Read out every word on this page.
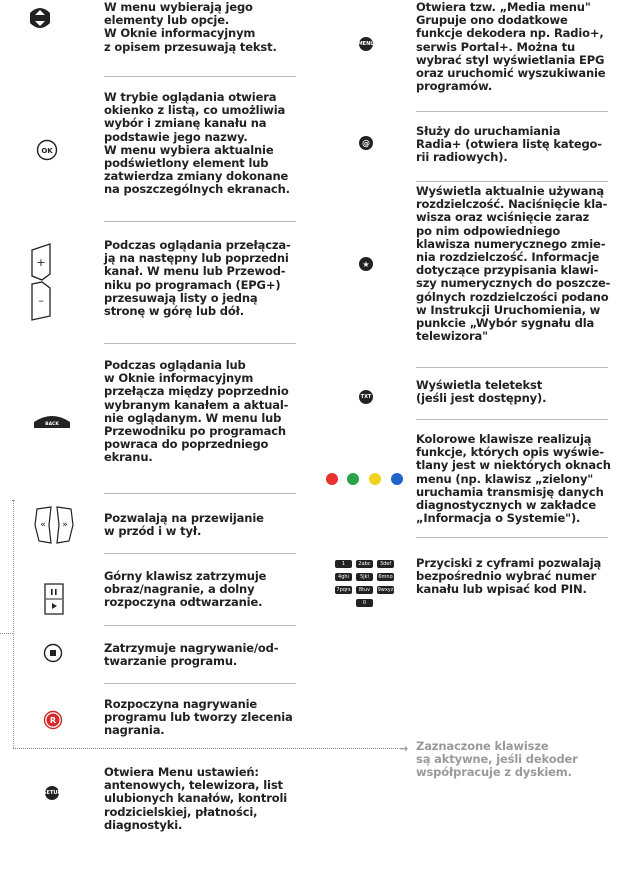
W menu wybierają jego
elementy lub opcje.
W Oknie informacyjnym
z opisem przesuwają tekst.
OK
W trybie oglądania otwiera
okienko z listą, co umożliwia
wybór i zmianę kanału na
podstawie jego nazwy.
W menu wybiera aktualnie
podświetlony element lub
zatwierdza zmiany dokonane
na poszczególnych ekranach.
+
–
Podczas oglądania przełącza-
ją na następny lub poprzedni
kanał. W menu lub Przewod-
niku po programach (EPG+)
przesuwają listy o jedną
stronę w górę lub dół.
BACK
Podczas oglądania lub
w Oknie informacyjnym
przełącza między poprzednio
wybranym kanałem a aktual-
nie oglądanym. W menu lub
Przewodniku po programach
powraca do poprzedniego
ekranu.
« »	Pozwalają na przewijanie
w przód i w tył.
Górny klawisz zatrzymuje
obraz/nagranie, a dolny
rozpoczyna odtwarzanie.
Zatrzymuje nagrywanie/od-
twarzanie programu.
R
Rozpoczyna nagrywanie
programu lub tworzy zlecenia
nagrania.
SETUP
Otwiera Menu ustawień:
antenowych, telewizora, list
ulubionych kanałów, kontroli
rodzicielskiej, płatności,
diagnostyki.
MENU
Otwiera tzw. „Media menu"
Grupuje ono dodatkowe
funkcje dekodera np. Radio+,
serwis Portal+. Można tu
wybrać styl wyświetlania EPG
oraz uruchomić wyszukiwanie
programów.
@
Służy do uruchamiania
Radia+ (otwiera listę katego-
rii radiowych).
★
Wyświetla aktualnie używaną
rozdzielczość. Naciśnięcie kla-
wisza oraz wciśnięcie zaraz
po nim odpowiedniego
klawisza numerycznego zmie-
nia rozdzielczość. Informacje
dotyczące przypisania klawi-
szy numerycznych do poszcze-
gólnych rozdzielczości podano
w Instrukcji Uruchomienia, w
punkcie „Wybór sygnału dla
telewizora"
TXT
Wyświetla teletekst
(jeśli jest dostępny).
Kolorowe klawisze realizują
funkcje, których opis wyświe-
tlany jest w niektórych oknach
menu (np. klawisz „zielony"
uruchamia transmisję danych
diagnostycznych w zakładce
„Informacja o Systemie").
1	2abc	3def
4ghi	5jkl	6mno
7pqrs	8tuv	9wxyz
0
Przyciski z cyframi pozwalają
bezpośrednio wybrać numer
kanału lub wpisać kod PIN.
→ Zaznaczone klawisze
są aktywne, jeśli dekoder
współpracuje z dyskiem.
